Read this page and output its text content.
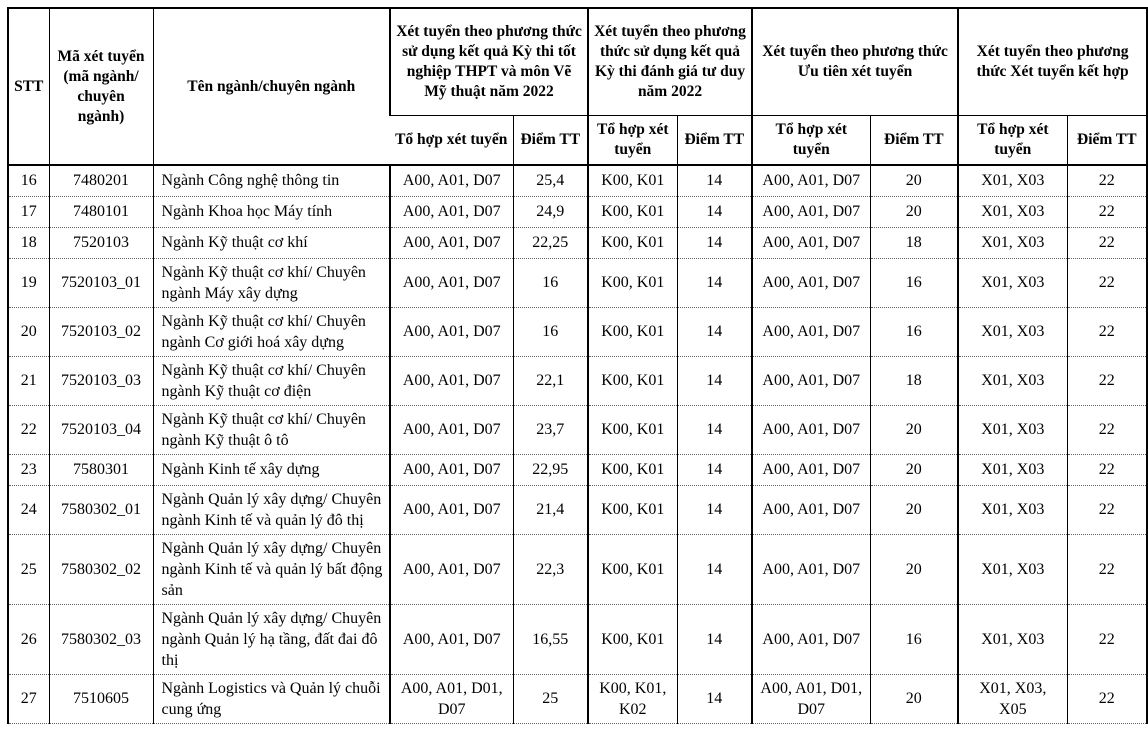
STT	Mã xét tuyển (mã ngành/ chuyên ngành)	Tên ngành/chuyên ngành	Xét tuyển theo phương thức sử dụng kết quả Kỳ thi tốt nghiệp THPT và môn Vẽ Mỹ thuật năm 2022		Xét tuyển theo phương thức sử dụng kết quả Kỳ thi đánh giá tư duy năm 2022		Xét tuyển theo phương thức Ưu tiên xét tuyển		Xét tuyển theo phương thức Xét tuyển kết hợp	
			Tổ hợp xét tuyển	Điểm TT	Tổ hợp xét tuyển	Điểm TT	Tổ hợp xét tuyển	Điểm TT	Tổ hợp xét tuyển	Điểm TT
16	7480201	Ngành Công nghệ thông tin	A00, A01, D07	25,4	K00, K01	14	A00, A01, D07	20	X01, X03	22
17	7480101	Ngành Khoa học Máy tính	A00, A01, D07	24,9	K00, K01	14	A00, A01, D07	20	X01, X03	22
18	7520103	Ngành Kỹ thuật cơ khí	A00, A01, D07	22,25	K00, K01	14	A00, A01, D07	18	X01, X03	22
19	7520103_01	Ngành Kỹ thuật cơ khí/ Chuyên ngành Máy xây dựng	A00, A01, D07	16	K00, K01	14	A00, A01, D07	16	X01, X03	22
20	7520103_02	Ngành Kỹ thuật cơ khí/ Chuyên ngành Cơ giới hoá xây dựng	A00, A01, D07	16	K00, K01	14	A00, A01, D07	16	X01, X03	22
21	7520103_03	Ngành Kỹ thuật cơ khí/ Chuyên ngành Kỹ thuật cơ điện	A00, A01, D07	22,1	K00, K01	14	A00, A01, D07	18	X01, X03	22
22	7520103_04	Ngành Kỹ thuật cơ khí/ Chuyên ngành Kỹ thuật ô tô	A00, A01, D07	23,7	K00, K01	14	A00, A01, D07	20	X01, X03	22
23	7580301	Ngành Kinh tế xây dựng	A00, A01, D07	22,95	K00, K01	14	A00, A01, D07	20	X01, X03	22
24	7580302_01	Ngành Quản lý xây dựng/ Chuyên ngành Kinh tế và quản lý đô thị	A00, A01, D07	21,4	K00, K01	14	A00, A01, D07	20	X01, X03	22
25	7580302_02	Ngành Quản lý xây dựng/ Chuyên ngành Kinh tế và quản lý bất động sản	A00, A01, D07	22,3	K00, K01	14	A00, A01, D07	20	X01, X03	22
26	7580302_03	Ngành Quản lý xây dựng/ Chuyên ngành Quản lý hạ tầng, đất đai đô thị	A00, A01, D07	16,55	K00, K01	14	A00, A01, D07	16	X01, X03	22
27	7510605	Ngành Logistics và Quản lý chuỗi cung ứng	A00, A01, D01, D07	25	K00, K01, K02	14	A00, A01, D01, D07	20	X01, X03, X05	22
